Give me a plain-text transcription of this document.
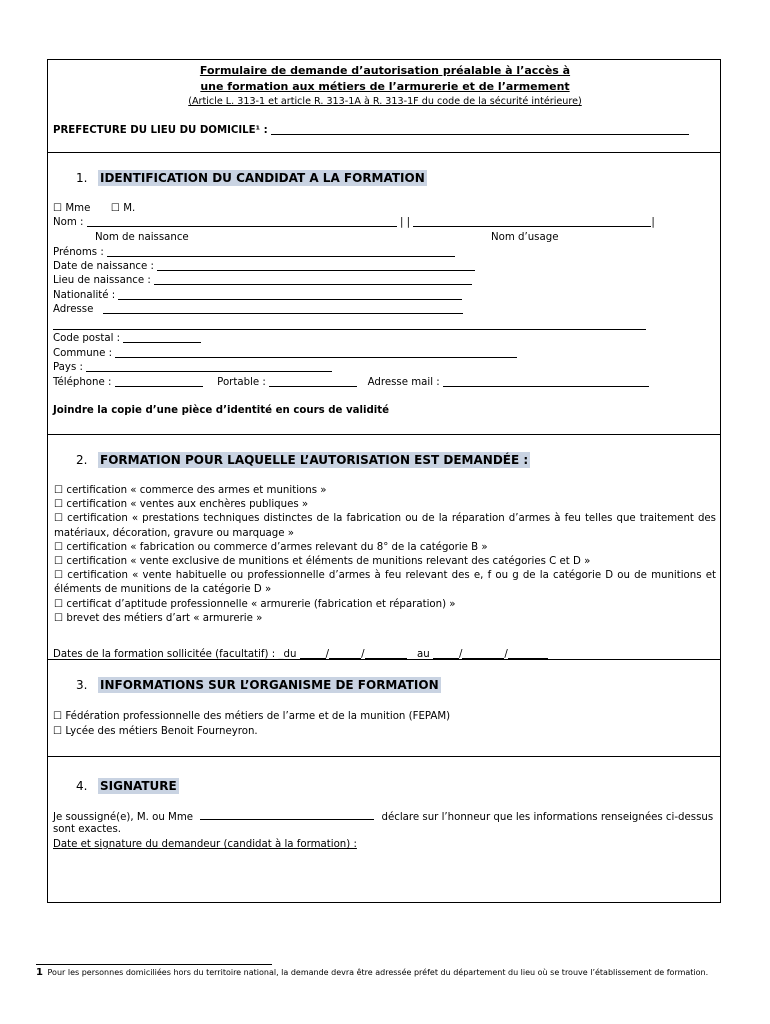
Formulaire de demande d’autorisation préalable à l’accès à
une formation aux métiers de l’armurerie et de l’armement
(Article L. 313-1 et article R. 313-1A à R. 313-1F du code de la sécurité intérieure)
PREFECTURE DU LIEU DU DOMICILE¹ :
1. IDENTIFICATION DU CANDIDAT A LA FORMATION
☐ Mme ☐ M.
Nom :	| |	|
Nom de naissance	Nom d’usage
Prénoms :
Date de naissance :
Lieu de naissance :
Nationalité :
Adresse
Code postal :
Commune :
Pays :
Téléphone :	Portable :	Adresse mail :
Joindre la copie d’une pièce d’identité en cours de validité
2. FORMATION POUR LAQUELLE L’AUTORISATION EST DEMANDÉE :
☐ certification « commerce des armes et munitions »
☐ certification « ventes aux enchères publiques »
☐ certification « prestations techniques distinctes de la fabrication ou de la réparation d’armes à feu telles que traitement des matériaux, décoration, gravure ou marquage »
☐ certification « fabrication ou commerce d’armes relevant du 8° de la catégorie B »
☐ certification « vente exclusive de munitions et éléments de munitions relevant des catégories C et D »
☐ certification « vente habituelle ou professionnelle d’armes à feu relevant des e, f ou g de la catégorie D ou de munitions et éléments de munitions de la catégorie D »
☐ certificat d’aptitude professionnelle « armurerie (fabrication et réparation) »
☐ brevet des métiers d’art « armurerie »
Dates de la formation sollicitée (facultatif) : _du	/	/	au	/	/
3. INFORMATIONS SUR L’ORGANISME DE FORMATION
☐ Fédération professionnelle des métiers de l’arme et de la munition (FEPAM)
☐ Lycée des métiers Benoit Fourneyron.
4. SIGNATURE
Je soussigné(e), M. ou Mme	déclare sur l’honneur que les informations renseignées ci-dessus
sont exactes.
Date et signature du demandeur (candidat à la formation) :
1 Pour les personnes domiciliées hors du territoire national, la demande devra être adressée préfet du département du lieu où se trouve l’établissement de formation.
